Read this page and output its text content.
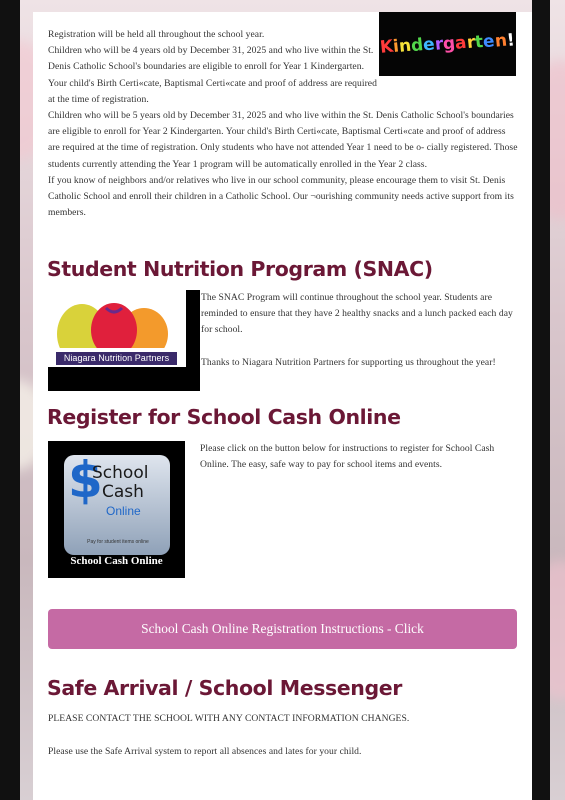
Kindergarten!
Registration will be held all throughout the school year.
Children who will be 4 years old by December 31, 2025 and who live within the St. Denis Catholic School's boundaries are eligible to enroll for Year 1 Kindergarten. Your child's Birth Certi«cate, Baptismal Certi«cate and proof of address are required at the time of registration.
Children who will be 5 years old by December 31, 2025 and who live within the St. Denis Catholic School's boundaries are eligible to enroll for Year 2 Kindergarten. Your child's Birth Certi«cate, Baptismal Certi«cate and proof of address are required at the time of registration. Only students who have not attended Year 1 need to be o- cially registered. Those students currently attending the Year 1 program will be automatically enrolled in the Year 2 class.
If you know of neighbors and/or relatives who live in our school community, please encourage them to visit St. Denis Catholic School and enroll their children in a Catholic School. Our ¬ourishing community needs active support from its members.
Student Nutrition Program (SNAC)
Niagara Nutrition Partners
The SNAC Program will continue throughout the school year. Students are reminded to ensure that they have 2 healthy snacks and a lunch packed each day for school.
Thanks to Niagara Nutrition Partners for supporting us throughout the year!
Register for School Cash Online
$
School
Cash
Online
Pay for student items online
School Cash Online
Please click on the button below for instructions to register for School Cash Online. The easy, safe way to pay for school items and events.
School Cash Online Registration Instructions - Click
Safe Arrival / School Messenger
PLEASE CONTACT THE SCHOOL WITH ANY CONTACT INFORMATION CHANGES.
Please use the Safe Arrival system to report all absences and lates for your child.
